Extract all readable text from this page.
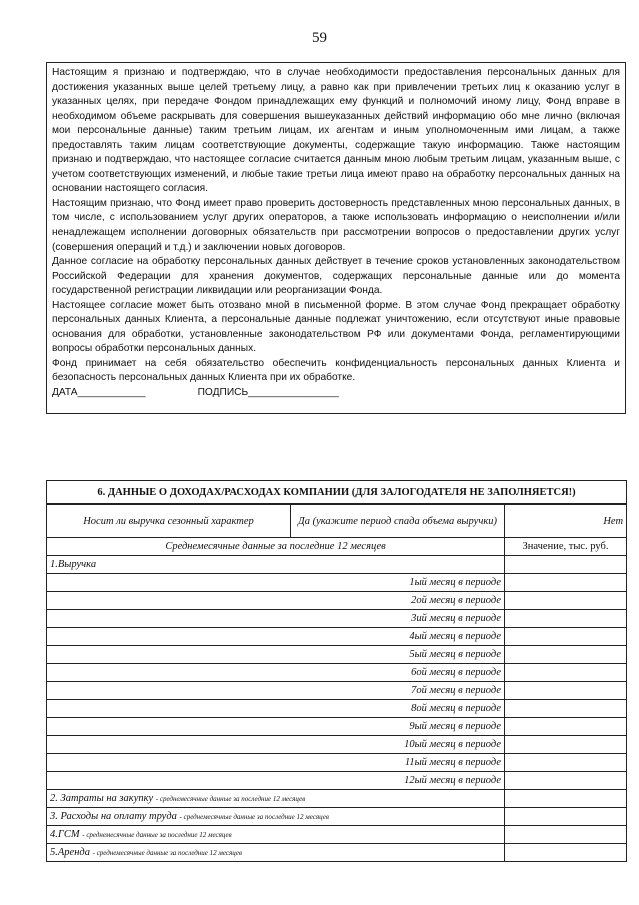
59

Настоящим я признаю и подтверждаю, что в случае необходимости предоставления персональных данных для достижения указанных выше целей третьему лицу, а равно как при привлечении третьих лиц к оказанию услуг в указанных целях, при передаче Фондом принадлежащих ему функций и полномочий иному лицу, Фонд вправе в необходимом объеме раскрывать для совершения вышеуказанных действий информацию обо мне лично (включая мои персональные данные) таким третьим лицам, их агентам и иным уполномоченным ими лицам, а также предоставлять таким лицам соответствующие документы, содержащие такую информацию. Также настоящим признаю и подтверждаю, что настоящее согласие считается данным мною любым третьим лицам, указанным выше, с учетом соответствующих изменений, и любые такие третьи лица имеют право на обработку персональных данных на основании настоящего согласия.

Настоящим признаю, что Фонд имеет право проверить достоверность представленных мною персональных данных, в том числе, с использованием услуг других операторов, а также использовать информацию о неисполнении и/или ненадлежащем исполнении договорных обязательств при рассмотрении вопросов о предоставлении других услуг (совершения операций и т.д.) и заключении новых договоров.

Данное согласие на обработку персональных данных действует в течение сроков установленных законодательством Российской Федерации для хранения документов, содержащих персональные данные или до момента государственной регистрации ликвидации или реорганизации Фонда.

Настоящее согласие может быть отозвано мной в письменной форме. В этом случае Фонд прекращает обработку персональных данных Клиента, а персональные данные подлежат уничтожению, если отсутствуют иные правовые основания для обработки, установленные законодательством РФ или документами Фонда, регламентирующими вопросы обработки персональных данных.

Фонд принимает на себя обязательство обеспечить конфиденциальность персональных данных Клиента и безопасность персональных данных Клиента при их обработке.

ДАТА____________	ПОДПИСЬ________________
6. ДАННЫЕ О ДОХОДАХ/РАСХОДАХ КОМПАНИИ (ДЛЯ ЗАЛОГОДАТЕЛЯ НЕ ЗАПОЛНЯЕТСЯ!)		
Носит ли выручка сезонный характер	Да (укажите период спада объема выручки)	Нет
Среднемесячные данные за последние 12 месяцев		Значение, тыс. руб.
1.Выручка		
1ый месяц в периоде		
2ой месяц в периоде		
3ий месяц в периоде		
4ый месяц в периоде		
5ый месяц в периоде		
6ой месяц в периоде		
7ой месяц в периоде		
8ой месяц в периоде		
9ый месяц в периоде		
10ый месяц в периоде		
11ый месяц в периоде		
12ый месяц в периоде		
2. Затраты на закупку - среднемесячные данные за последние 12 месяцев		
3. Расходы на оплату труда - среднемесячные данные за последние 12 месяцев		
4.ГСМ - среднемесячные данные за последние 12 месяцев		
5.Аренда - среднемесячные данные за последние 12 месяцев		
